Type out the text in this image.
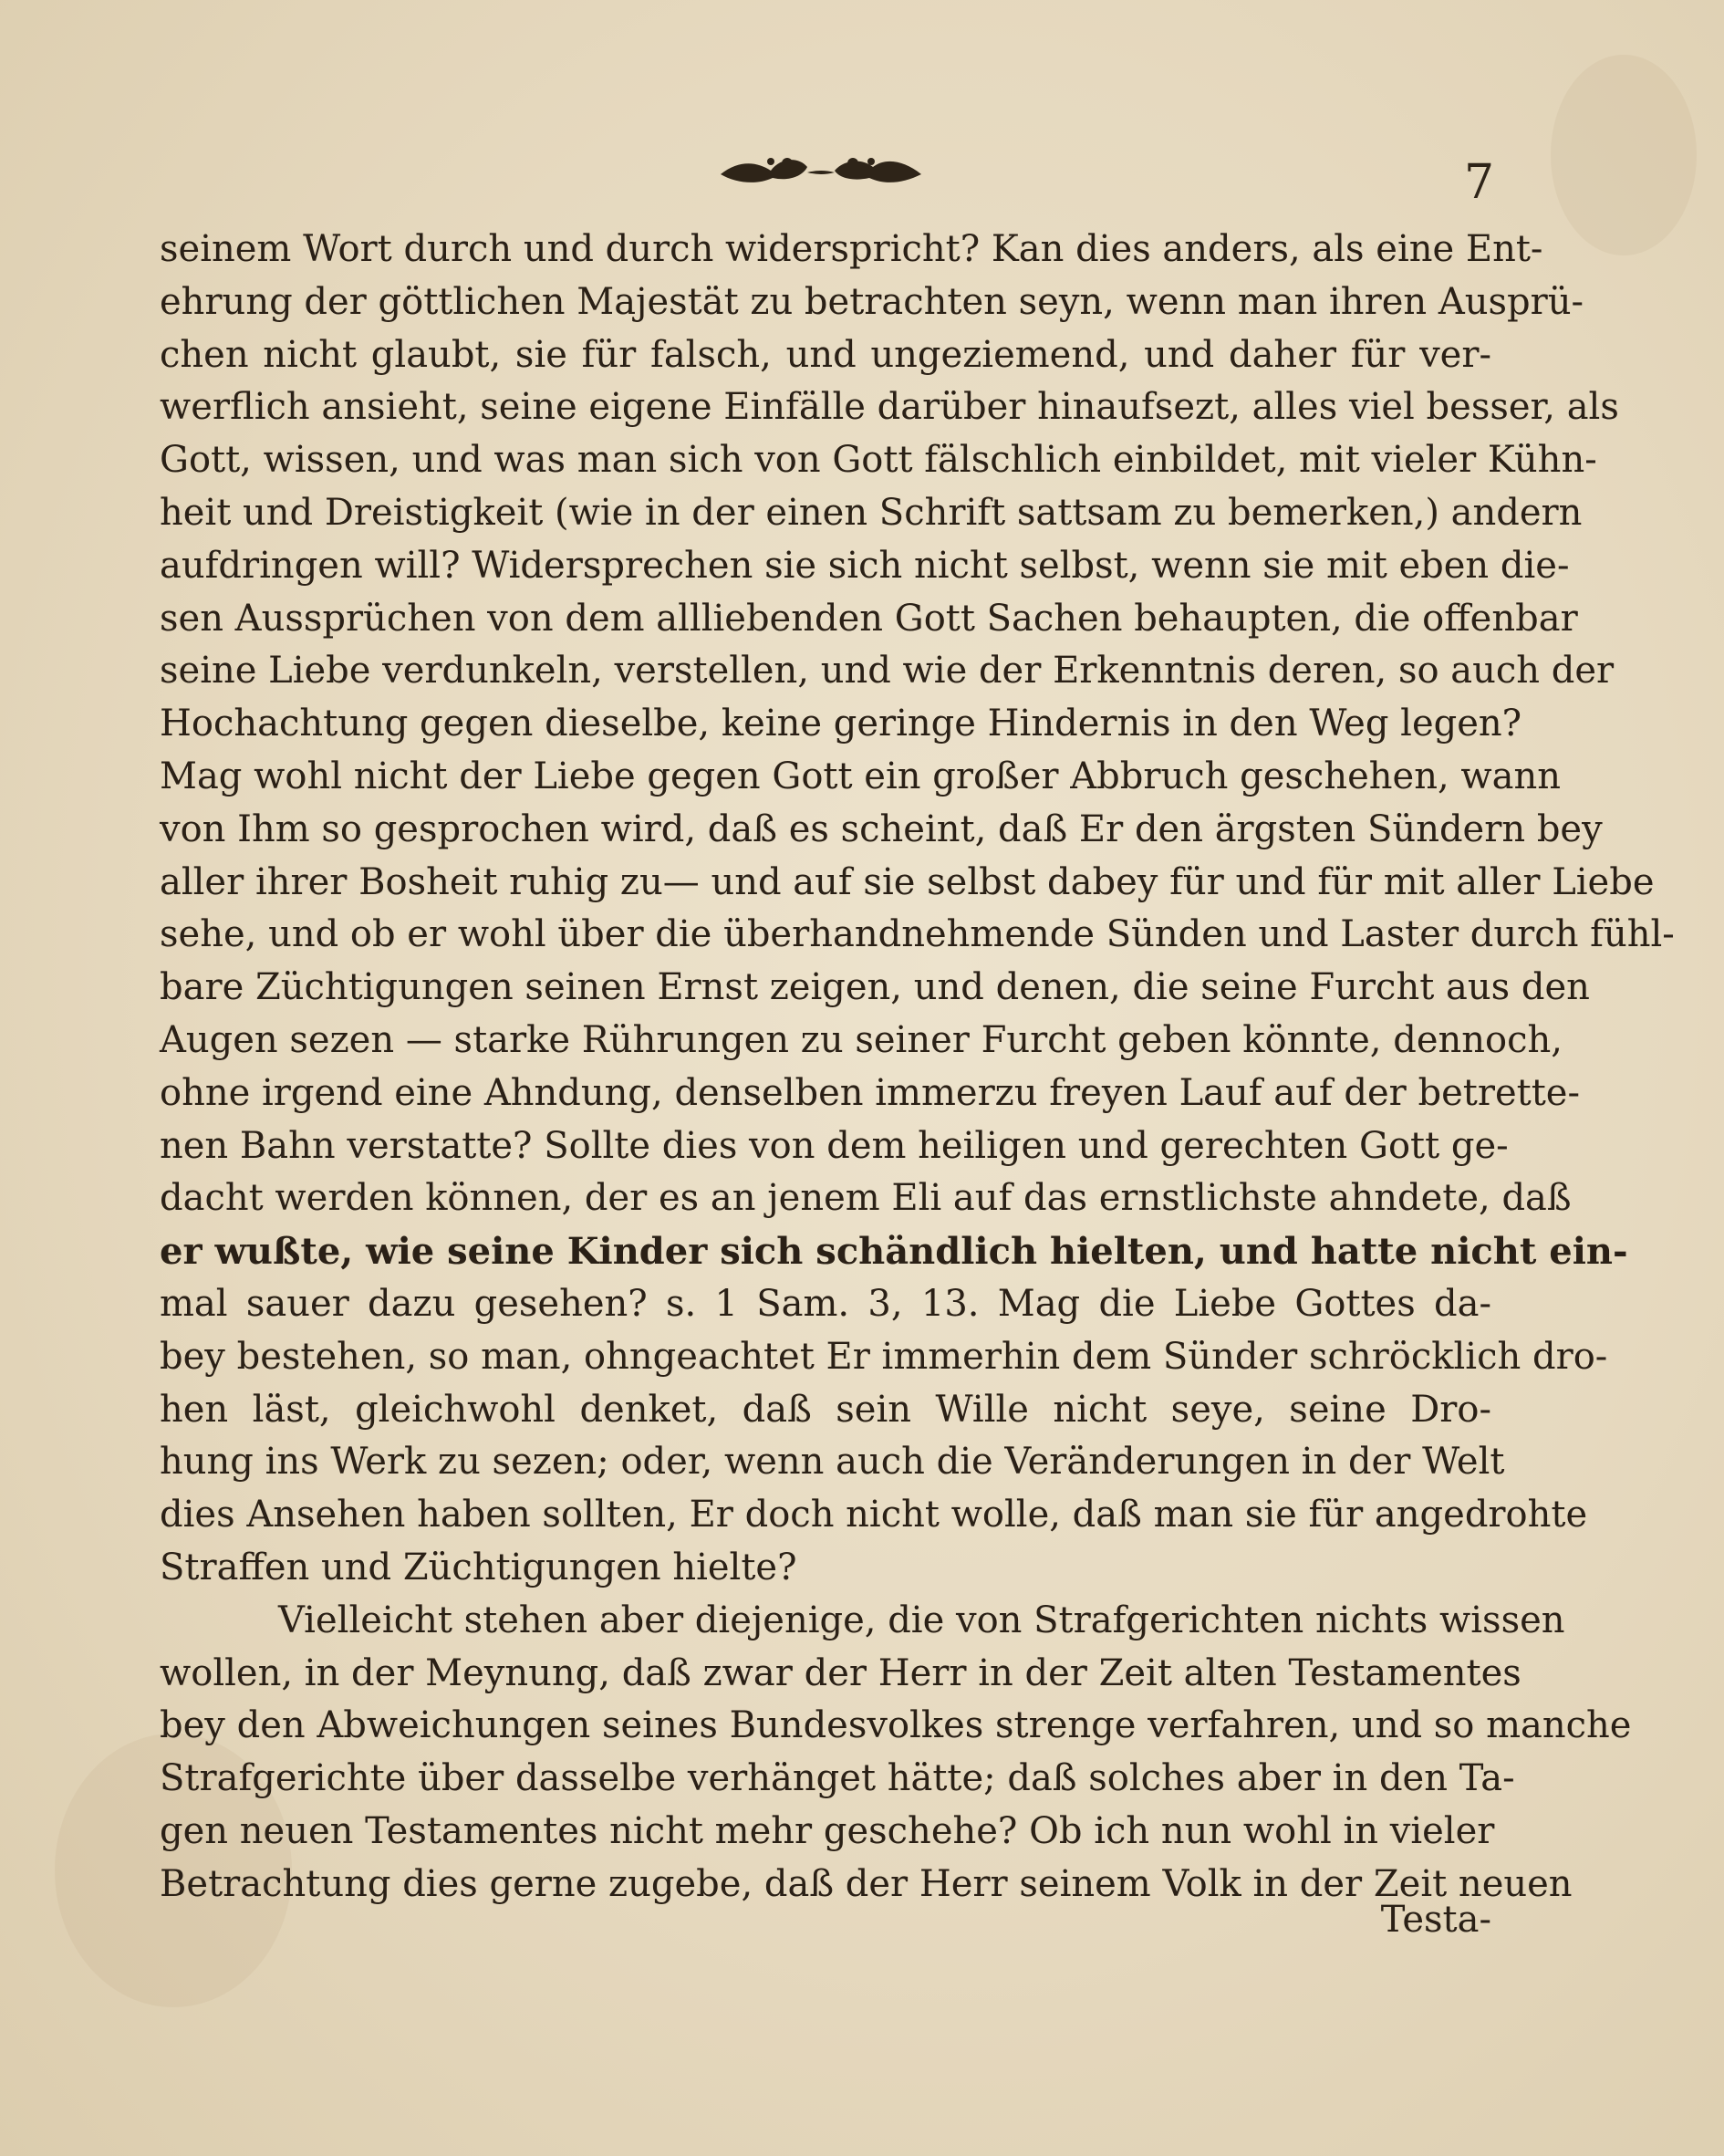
7
seinem Wort durch und durch widerspricht? Kan dies anders, als eine Ent-
ehrung der göttlichen Majestät zu betrachten seyn, wenn man ihren Ausprü-
chen nicht glaubt, sie für falsch, und ungeziemend, und daher für ver-
werflich ansieht, seine eigene Einfälle darüber hinaufsezt, alles viel besser, als
Gott, wissen, und was man sich von Gott fälschlich einbildet, mit vieler Kühn-
heit und Dreistigkeit (wie in der einen Schrift sattsam zu bemerken,) andern
aufdringen will? Widersprechen sie sich nicht selbst, wenn sie mit eben die-
sen Aussprüchen von dem allliebenden Gott Sachen behaupten, die offenbar
seine Liebe verdunkeln, verstellen, und wie der Erkenntnis deren, so auch der
Hochachtung gegen dieselbe, keine geringe Hindernis in den Weg legen?
Mag wohl nicht der Liebe gegen Gott ein großer Abbruch geschehen, wann
von Ihm so gesprochen wird, daß es scheint, daß Er den ärgsten Sündern bey
aller ihrer Bosheit ruhig zu— und auf sie selbst dabey für und für mit aller Liebe
sehe, und ob er wohl über die überhandnehmende Sünden und Laster durch fühl-
bare Züchtigungen seinen Ernst zeigen, und denen, die seine Furcht aus den
Augen sezen — starke Rührungen zu seiner Furcht geben könnte, dennoch,
ohne irgend eine Ahndung, denselben immerzu freyen Lauf auf der betrette-
nen Bahn verstatte? Sollte dies von dem heiligen und gerechten Gott ge-
dacht werden können, der es an jenem Eli auf das ernstlichste ahndete, daß
er wußte, wie seine Kinder sich schändlich hielten, und hatte nicht ein-
mal sauer dazu gesehen? s. 1 Sam. 3, 13. Mag die Liebe Gottes da-
bey bestehen, so man, ohngeachtet Er immerhin dem Sünder schröcklich dro-
hen läst, gleichwohl denket, daß sein Wille nicht seye, seine Dro-
hung ins Werk zu sezen; oder, wenn auch die Veränderungen in der Welt
dies Ansehen haben sollten, Er doch nicht wolle, daß man sie für angedrohte
Straffen und Züchtigungen hielte?
Vielleicht stehen aber diejenige, die von Strafgerichten nichts wissen
wollen, in der Meynung, daß zwar der Herr in der Zeit alten Testamentes
bey den Abweichungen seines Bundesvolkes strenge verfahren, und so manche
Strafgerichte über dasselbe verhänget hätte; daß solches aber in den Ta-
gen neuen Testamentes nicht mehr geschehe? Ob ich nun wohl in vieler
Betrachtung dies gerne zugebe, daß der Herr seinem Volk in der Zeit neuen
Testa-
